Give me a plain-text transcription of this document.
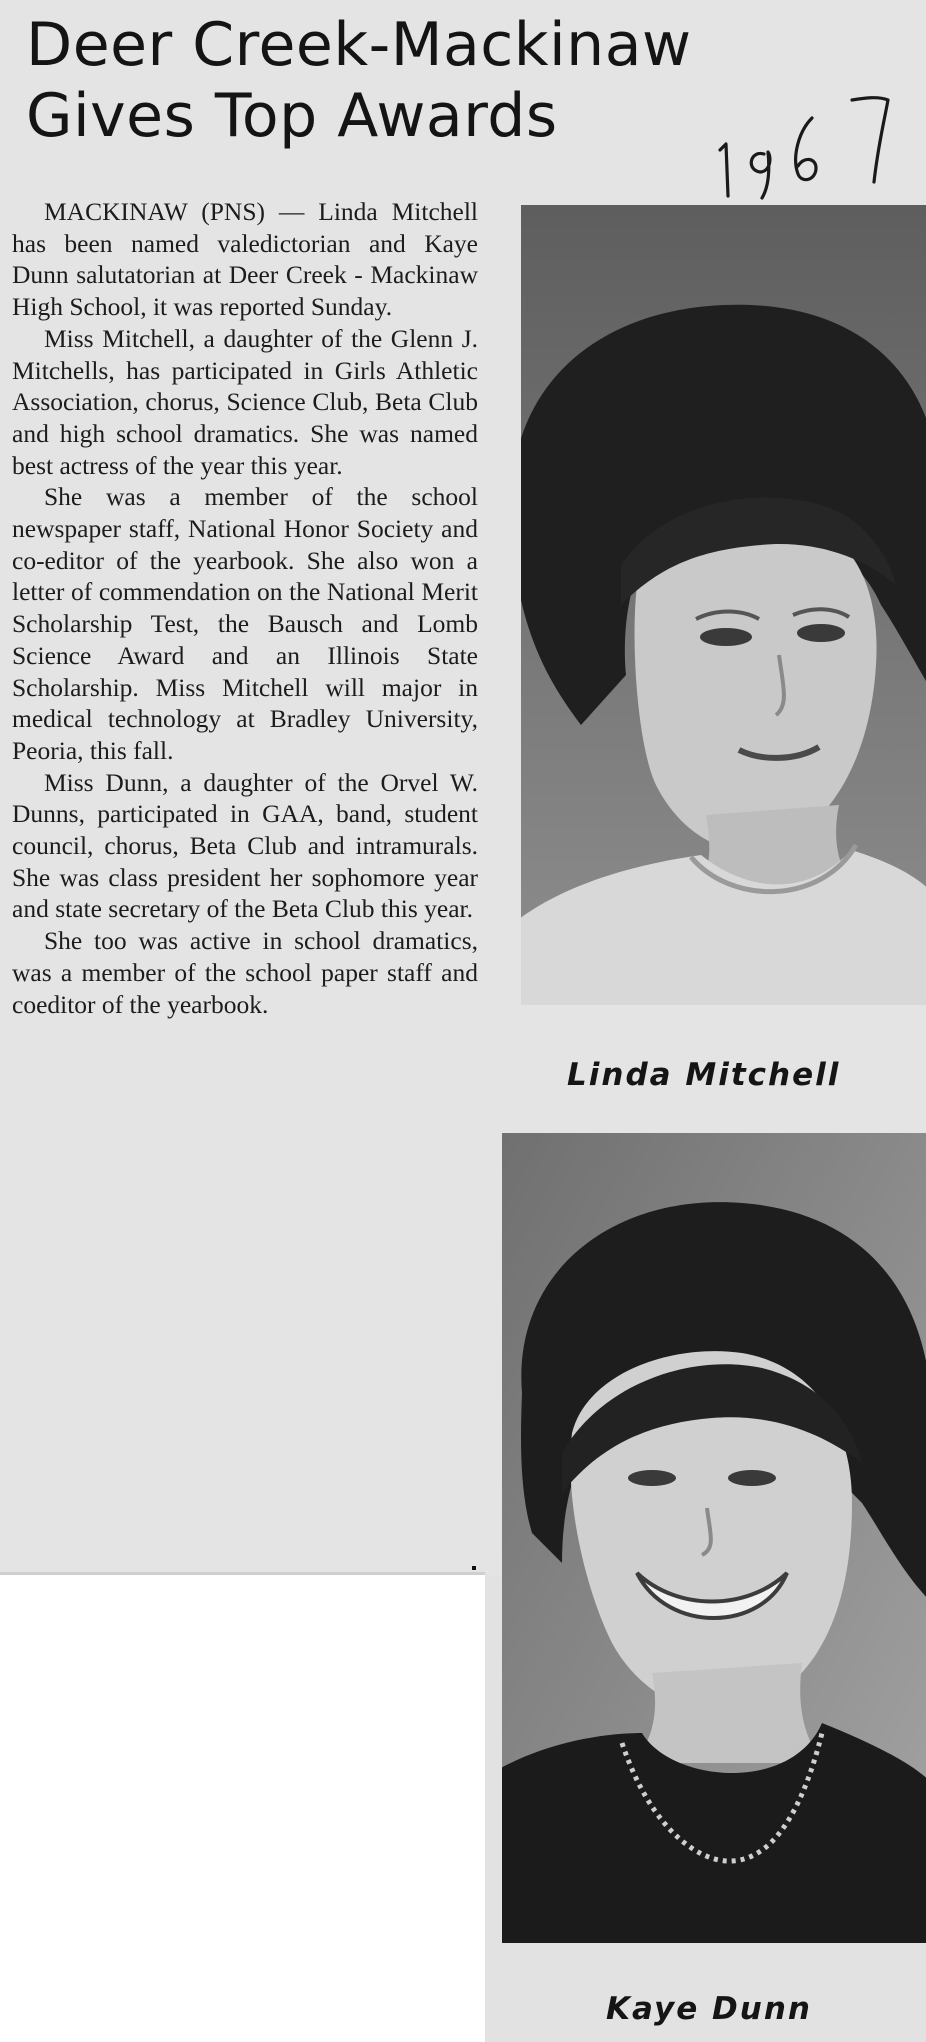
Deer Creek-Mackinaw
Gives Top Awards

MACKINAW (PNS) — Linda Mitchell has been named valedictorian and Kaye Dunn salutatorian at Deer Creek - Mackinaw High School, it was reported Sunday.

Miss Mitchell, a daughter of the Glenn J. Mitchells, has participated in Girls Athletic Association, chorus, Science Club, Beta Club and high school dramatics. She was named best actress of the year this year.

She was a member of the school newspaper staff, National Honor Society and co-editor of the yearbook. She also won a letter of commendation on the National Merit Scholarship Test, the Bausch and Lomb Science Award and an Illinois State Scholarship. Miss Mitchell will major in medical technology at Bradley University, Peoria, this fall.

Miss Dunn, a daughter of the Orvel W. Dunns, participated in GAA, band, student council, chorus, Beta Club and intramurals. She was class president her sophomore year and state secretary of the Beta Club this year.

She too was active in school dramatics, was a member of the school paper staff and coeditor of the yearbook.

Linda Mitchell

Kaye Dunn
